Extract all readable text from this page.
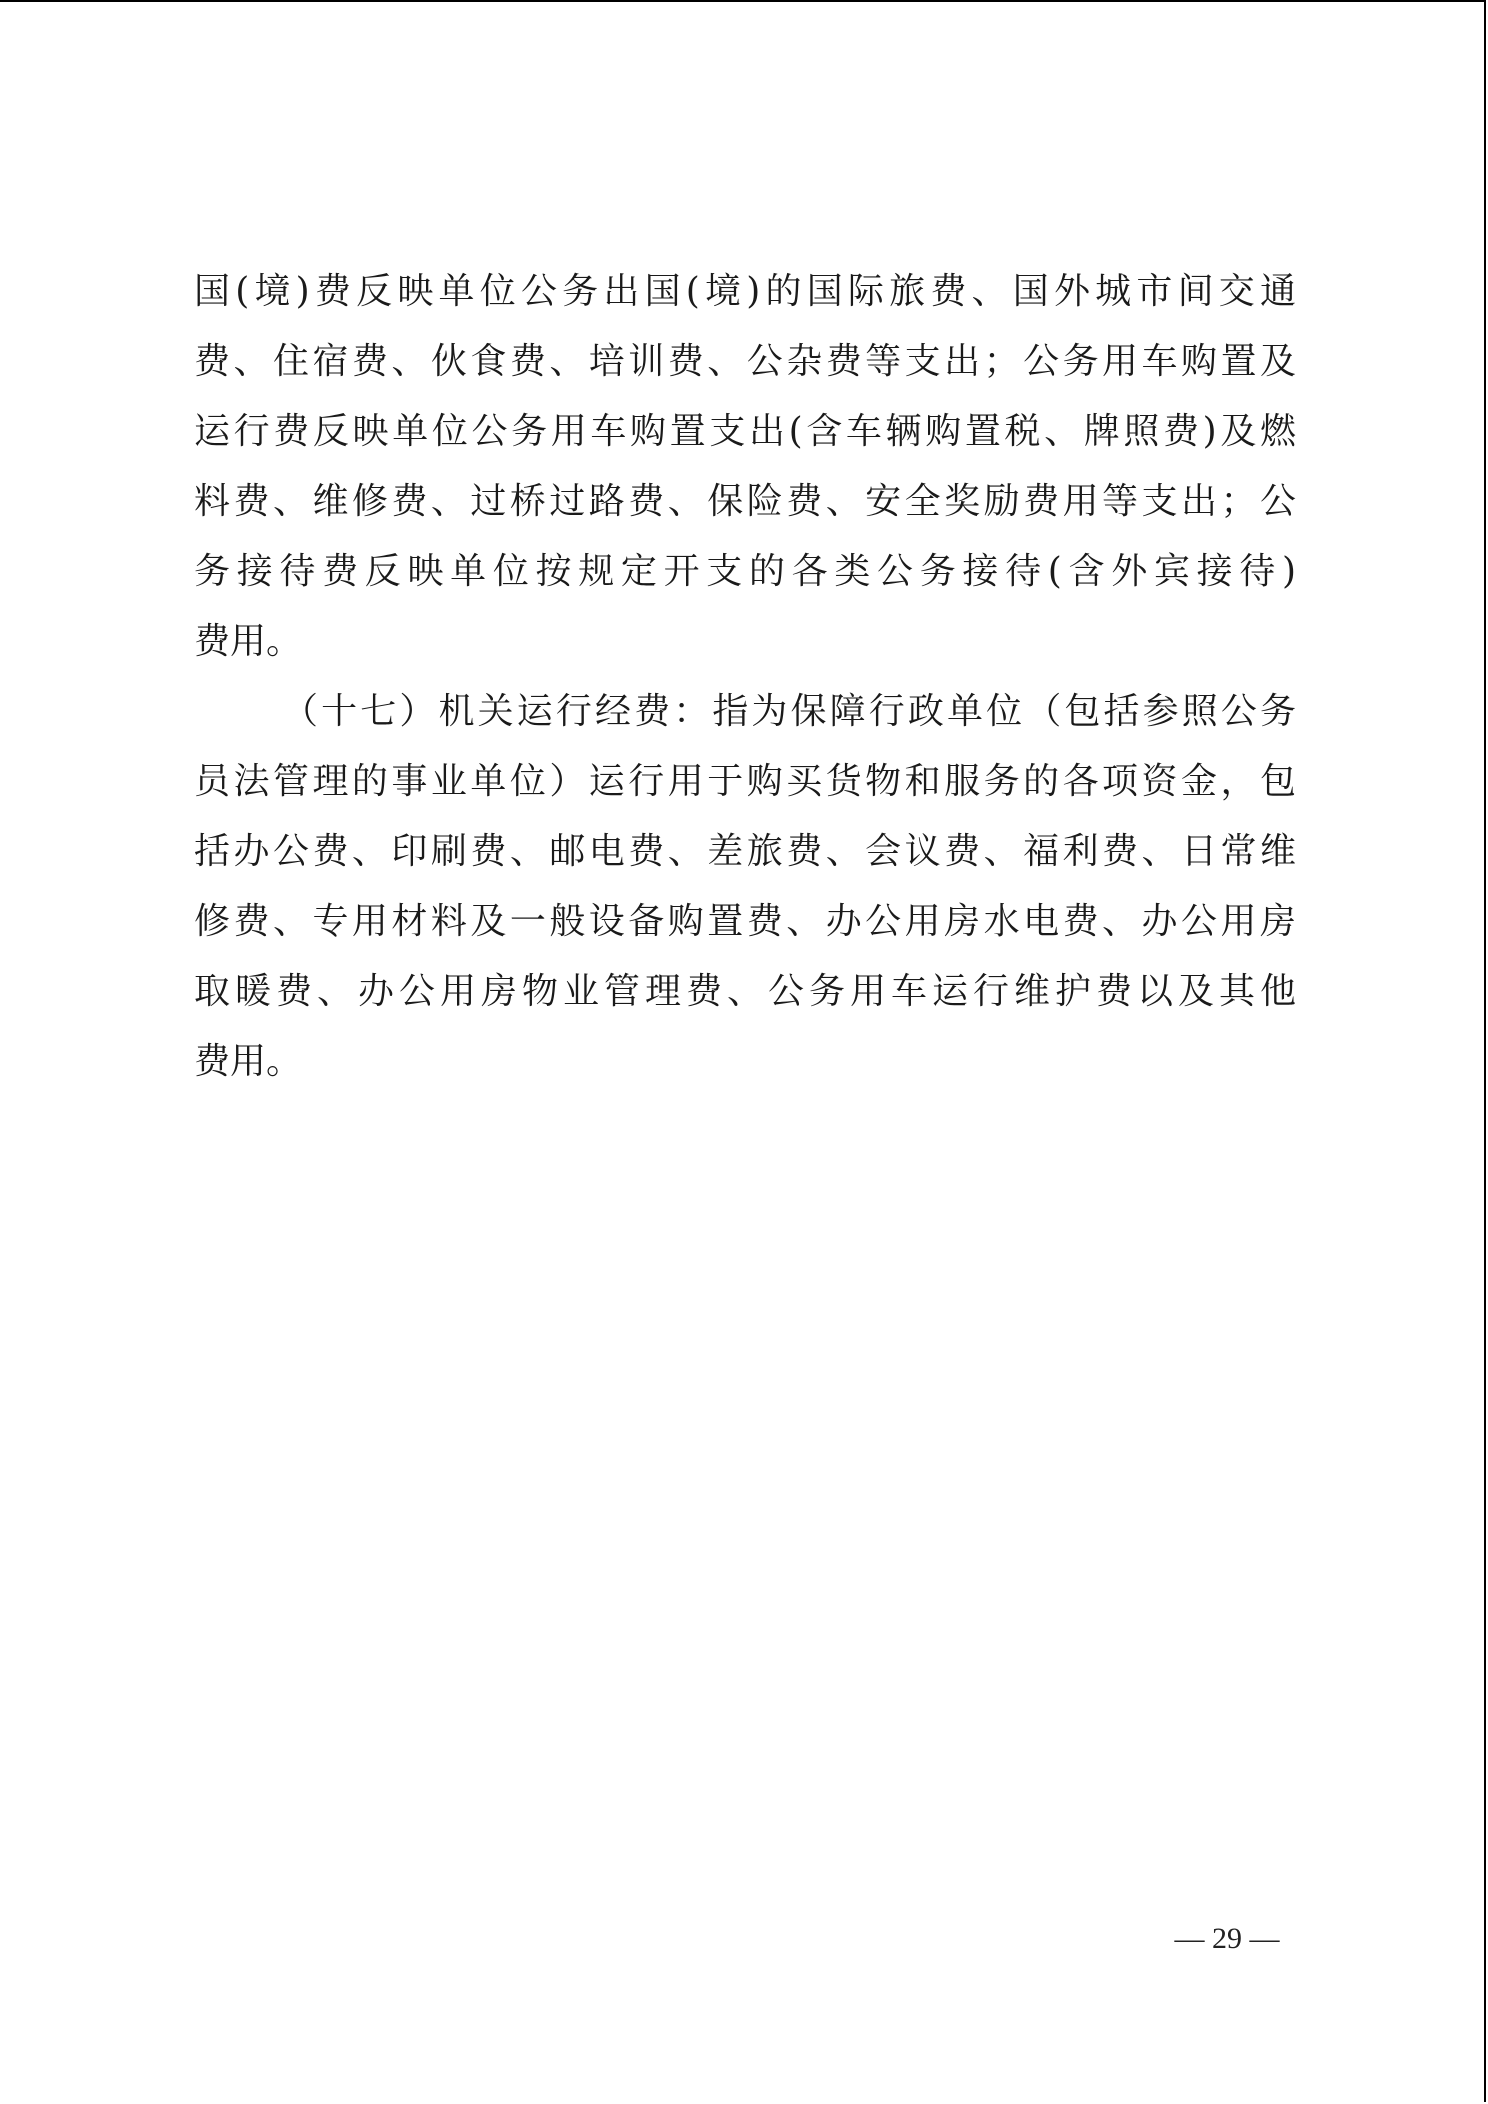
国(境)费反映单位公务出国(境)的国际旅费、国外城市间交通
费、住宿费、伙食费、培训费、公杂费等支出；公务用车购置及
运行费反映单位公务用车购置支出(含车辆购置税、牌照费)及燃
料费、维修费、过桥过路费、保险费、安全奖励费用等支出；公
务接待费反映单位按规定开支的各类公务接待(含外宾接待)
费用。
（十七）机关运行经费：指为保障行政单位（包括参照公务
员法管理的事业单位）运行用于购买货物和服务的各项资金，包
括办公费、印刷费、邮电费、差旅费、会议费、福利费、日常维
修费、专用材料及一般设备购置费、办公用房水电费、办公用房
取暖费、办公用房物业管理费、公务用车运行维护费以及其他
费用。
— 29 —
